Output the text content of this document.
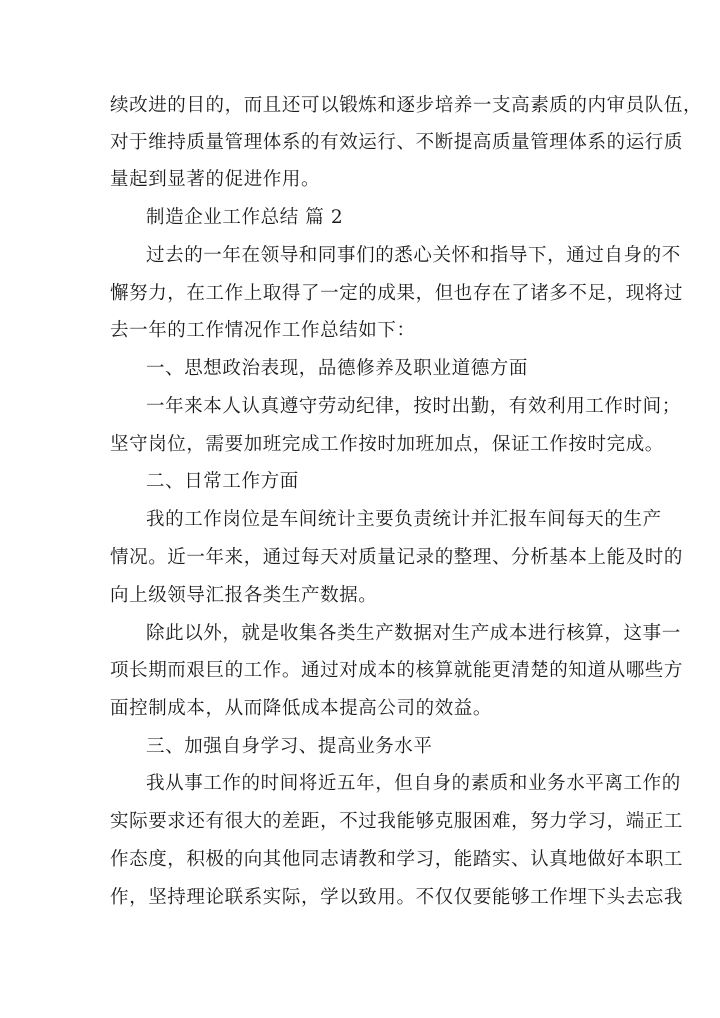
续改进的目的，而且还可以锻炼和逐步培养一支高素质的内审员队伍，
对于维持质量管理体系的有效运行、不断提高质量管理体系的运行质
量起到显著的促进作用。
制造企业工作总结 篇 2
过去的一年在领导和同事们的悉心关怀和指导下，通过自身的不
懈努力，在工作上取得了一定的成果，但也存在了诸多不足，现将过
去一年的工作情况作工作总结如下：
一、思想政治表现，品德修养及职业道德方面
一年来本人认真遵守劳动纪律，按时出勤，有效利用工作时间；
坚守岗位，需要加班完成工作按时加班加点，保证工作按时完成。
二、日常工作方面
我的工作岗位是车间统计主要负责统计并汇报车间每天的生产
情况。近一年来，通过每天对质量记录的整理、分析基本上能及时的
向上级领导汇报各类生产数据。
除此以外，就是收集各类生产数据对生产成本进行核算，这事一
项长期而艰巨的工作。通过对成本的核算就能更清楚的知道从哪些方
面控制成本，从而降低成本提高公司的效益。
三、加强自身学习、提高业务水平
我从事工作的时间将近五年，但自身的素质和业务水平离工作的
实际要求还有很大的差距，不过我能够克服困难，努力学习，端正工
作态度，积极的向其他同志请教和学习，能踏实、认真地做好本职工
作，坚持理论联系实际，学以致用。不仅仅要能够工作埋下头去忘我
